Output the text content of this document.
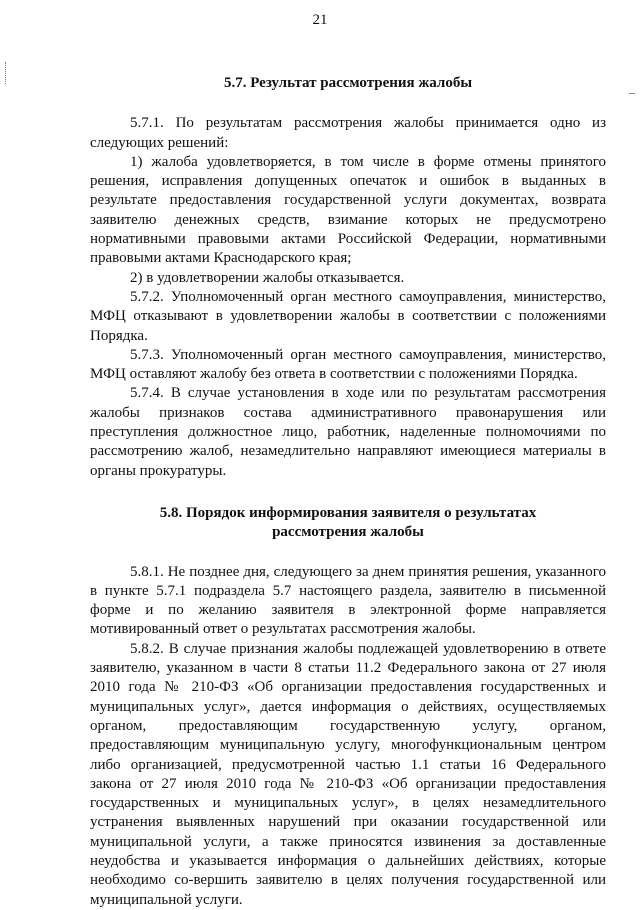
21

5.7. Результат рассмотрения жалобы

5.7.1. По результатам рассмотрения жалобы принимается одно из следующих решений:

1) жалоба удовлетворяется, в том числе в форме отмены принятого решения, исправления допущенных опечаток и ошибок в выданных в результате предоставления государственной услуги документах, возврата заявителю денежных средств, взимание которых не предусмотрено нормативными правовыми актами Российской Федерации, нормативными правовыми актами Краснодарского края;

2) в удовлетворении жалобы отказывается.

5.7.2. Уполномоченный орган местного самоуправления, министерство, МФЦ отказывают в удовлетворении жалобы в соответствии с положениями Порядка.

5.7.3. Уполномоченный орган местного самоуправления, министерство, МФЦ оставляют жалобу без ответа в соответствии с положениями Порядка.

5.7.4. В случае установления в ходе или по результатам рассмотрения жалобы признаков состава административного правонарушения или преступления должностное лицо, работник, наделенные полномочиями по рассмотрению жалоб, незамедлительно направляют имеющиеся материалы в органы прокуратуры.

5.8. Порядок информирования заявителя о результатах

рассмотрения жалобы

5.8.1. Не позднее дня, следующего за днем принятия решения, указанного в пункте 5.7.1 подраздела 5.7 настоящего раздела, заявителю в письменной форме и по желанию заявителя в электронной форме направляется мотивированный ответ о результатах рассмотрения жалобы.

5.8.2. В случае признания жалобы подлежащей удовлетворению в ответе заявителю, указанном в части 8 статьи 11.2 Федерального закона от 27 июля 2010 года № 210-ФЗ «Об организации предоставления государственных и муниципальных услуг», дается информация о действиях, осуществляемых органом, предоставляющим государственную услугу, органом, предоставляющим муниципальную услугу, многофункциональным центром либо организацией, предусмотренной частью 1.1 статьи 16 Федерального закона от 27 июля 2010 года № 210-ФЗ «Об организации предоставления государственных и муниципальных услуг», в целях незамедлительного устранения выявленных нарушений при оказании государственной или муниципальной услуги, а также приносятся извинения за доставленные неудобства и указывается информация о дальнейших действиях, которые необходимо со-вершить заявителю в целях получения государственной или муниципальной услуги.
